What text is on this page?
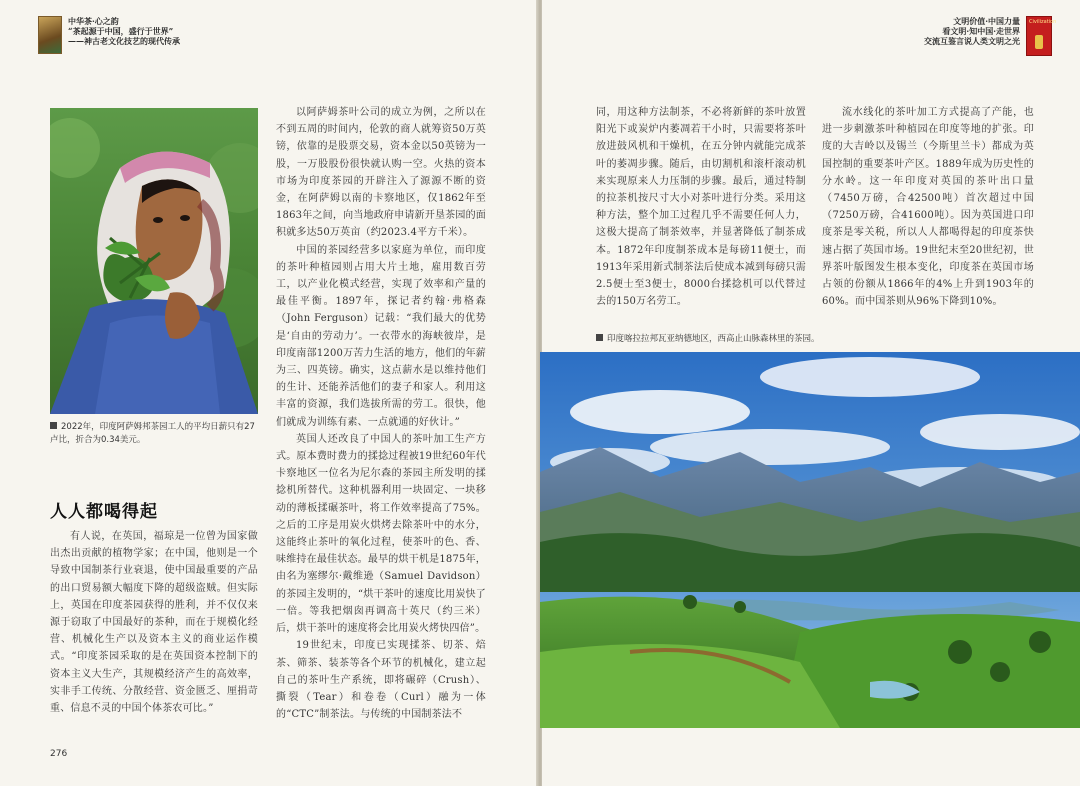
中华茶·心之韵
“茶起源于中国，盛行于世界”
——神古老文化技艺的现代传承
2022年，印度阿萨姆邦茶园工人的平均日薪只有27卢比，折合为0.34美元。
人人都喝得起

有人说，在英国，福琼是一位曾为国家做出杰出贡献的植物学家；在中国，他则是一个导致中国制茶行业衰退，使中国最重要的产品的出口贸易额大幅度下降的超级盗贼。但实际上，英国在印度茶园获得的胜利，并不仅仅来源于窃取了中国最好的茶种，而在于规模化经营、机械化生产以及资本主义的商业运作模式。“印度茶园采取的是在英国资本控制下的资本主义大生产，其规模经济产生的高效率，实非手工传统、分散经营、资金匮乏、厘捐苛重、信息不灵的中国个体茶农可比。”

以阿萨姆茶叶公司的成立为例，之所以在不到五周的时间内，伦敦的商人就筹资50万英镑，依靠的是股票交易，资本金以50英镑为一股，一万股股份很快就认购一空。火热的资本市场为印度茶园的开辟注入了源源不断的资金，在阿萨姆以南的卡察地区，仅1862年至1863年之间，向当地政府申请新开垦茶园的面积就多达50万英亩（约2023.4平方千米）。

中国的茶园经营多以家庭为单位，而印度的茶叶种植园则占用大片土地，雇用数百劳工，以产业化模式经营，实现了效率和产量的最佳平衡。1897年，探记者约翰·弗格森（John Ferguson）记载：“我们最大的优势是‘自由的劳动力’。一衣带水的海峡彼岸，是印度南部1200万苦力生活的地方，他们的年薪为三、四英镑。确实，这点薪水是以维持他们的生计、还能养活他们的妻子和家人。利用这丰富的资源，我们选拔所需的劳工。很快，他们就成为训练有素、一点就通的好伙计。”

英国人还改良了中国人的茶叶加工生产方式。原本费时费力的揉捻过程被19世纪60年代卡察地区一位名为尼尔森的茶园主所发明的揉捻机所替代。这种机器利用一块固定、一块移动的薄板揉碾茶叶，将工作效率提高了75%。之后的工序是用炭火烘烤去除茶叶中的水分，这能终止茶叶的氧化过程，使茶叶的色、香、味维持在最佳状态。最早的烘干机是1875年，由名为塞缪尔·戴维逊（Samuel Davidson）的茶园主发明的，“烘干茶叶的速度比用炭快了一倍。等我把烟囱再调高十英尺（约三米）后，烘干茶叶的速度将会比用炭火烤快四倍”。

19世纪末，印度已实现揉茶、切茶、焙茶、筛茶、装茶等各个环节的机械化，建立起自己的茶叶生产系统，即将碾碎（Crush）、撕裂（Tear）和卷卷（Curl）融为一体的“CTC”制茶法。与传统的中国制茶法不

276
文明价值·中国力量
看文明·知中国·走世界
交流互鉴言说人类文明之光
Civilization

同，用这种方法制茶，不必将新鲜的茶叶放置阳光下或炭炉内萎凋若干小时，只需要将茶叶放进鼓风机和干燥机，在五分钟内就能完成茶叶的萎凋步骤。随后，由切割机和滚杆滚动机来实现原来人力压制的步骤。最后，通过特制的拉茶机按尺寸大小对茶叶进行分类。采用这种方法，整个加工过程几乎不需要任何人力，这极大提高了制茶效率，并显著降低了制茶成本。1872年印度制茶成本是每磅11便士，而1913年采用新式制茶法后使成本减到每磅只需2.5便士至3便士，8000台揉捻机可以代替过去的150万名劳工。

流水线化的茶叶加工方式提高了产能，也进一步刺激茶叶种植园在印度等地的扩张。印度的大吉岭以及锡兰（今斯里兰卡）都成为英国控制的重要茶叶产区。1889年成为历史性的分水岭。这一年印度对英国的茶叶出口量（7450万磅，合42500吨）首次超过中国（7250万磅，合41600吨）。因为英国进口印度茶是零关税，所以人人都喝得起的印度茶快速占据了英国市场。19世纪末至20世纪初，世界茶叶版图发生根本变化，印度茶在英国市场占领的份额从1866年的4%上升到1903年的60%。而中国茶则从96%下降到10%。

印度喀拉拉邦瓦亚纳德地区，西高止山脉森林里的茶园。
